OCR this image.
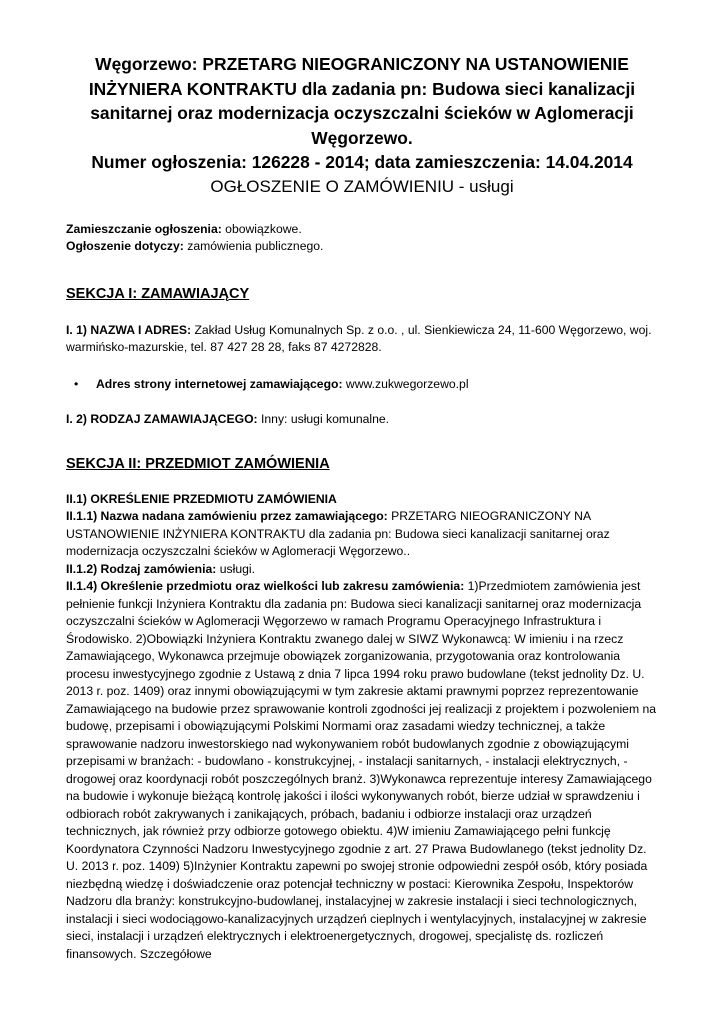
Węgorzewo: PRZETARG NIEOGRANICZONY NA USTANOWIENIE INŻYNIERA KONTRAKTU dla zadania pn: Budowa sieci kanalizacji sanitarnej oraz modernizacja oczyszczalni ścieków w Aglomeracji Węgorzewo.

Numer ogłoszenia: 126228 - 2014; data zamieszczenia: 14.04.2014

OGŁOSZENIE O ZAMÓWIENIU - usługi

Zamieszczanie ogłoszenia: obowiązkowe.

Ogłoszenie dotyczy: zamówienia publicznego.

SEKCJA I: ZAMAWIAJĄCY

I. 1) NAZWA I ADRES: Zakład Usług Komunalnych Sp. z o.o. , ul. Sienkiewicza 24, 11-600 Węgorzewo, woj. warmińsko-mazurskie, tel. 87 427 28 28, faks 87 4272828.

• Adres strony internetowej zamawiającego: www.zukwegorzewo.pl

I. 2) RODZAJ ZAMAWIAJĄCEGO: Inny: usługi komunalne.

SEKCJA II: PRZEDMIOT ZAMÓWIENIA

II.1) OKREŚLENIE PRZEDMIOTU ZAMÓWIENIA

II.1.1) Nazwa nadana zamówieniu przez zamawiającego: PRZETARG NIEOGRANICZONY NA USTANOWIENIE INŻYNIERA KONTRAKTU dla zadania pn: Budowa sieci kanalizacji sanitarnej oraz modernizacja oczyszczalni ścieków w Aglomeracji Węgorzewo..

II.1.2) Rodzaj zamówienia: usługi.

II.1.4) Określenie przedmiotu oraz wielkości lub zakresu zamówienia: 1)Przedmiotem zamówienia jest pełnienie funkcji Inżyniera Kontraktu dla zadania pn: Budowa sieci kanalizacji sanitarnej oraz modernizacja oczyszczalni ścieków w Aglomeracji Węgorzewo w ramach Programu Operacyjnego Infrastruktura i Środowisko. 2)Obowiązki Inżyniera Kontraktu zwanego dalej w SIWZ Wykonawcą: W imieniu i na rzecz Zamawiającego, Wykonawca przejmuje obowiązek zorganizowania, przygotowania oraz kontrolowania procesu inwestycyjnego zgodnie z Ustawą z dnia 7 lipca 1994 roku prawo budowlane (tekst jednolity Dz. U. 2013 r. poz. 1409) oraz innymi obowiązującymi w tym zakresie aktami prawnymi poprzez reprezentowanie Zamawiającego na budowie przez sprawowanie kontroli zgodności jej realizacji z projektem i pozwoleniem na budowę, przepisami i obowiązującymi Polskimi Normami oraz zasadami wiedzy technicznej, a także sprawowanie nadzoru inwestorskiego nad wykonywaniem robót budowlanych zgodnie z obowiązującymi przepisami w branżach: - budowlano - konstrukcyjnej, - instalacji sanitarnych, - instalacji elektrycznych, - drogowej oraz koordynacji robót poszczególnych branż. 3)Wykonawca reprezentuje interesy Zamawiającego na budowie i wykonuje bieżącą kontrolę jakości i ilości wykonywanych robót, bierze udział w sprawdzeniu i odbiorach robót zakrywanych i zanikających, próbach, badaniu i odbiorze instalacji oraz urządzeń technicznych, jak również przy odbiorze gotowego obiektu. 4)W imieniu Zamawiającego pełni funkcję Koordynatora Czynności Nadzoru Inwestycyjnego zgodnie z art. 27 Prawa Budowlanego (tekst jednolity Dz. U. 2013 r. poz. 1409) 5)Inżynier Kontraktu zapewni po swojej stronie odpowiedni zespół osób, który posiada niezbędną wiedzę i doświadczenie oraz potencjał techniczny w postaci: Kierownika Zespołu, Inspektorów Nadzoru dla branży: konstrukcyjno-budowlanej, instalacyjnej w zakresie instalacji i sieci technologicznych, instalacji i sieci wodociągowo-kanalizacyjnych urządzeń cieplnych i wentylacyjnych, instalacyjnej w zakresie sieci, instalacji i urządzeń elektrycznych i elektroenergetycznych, drogowej, specjalistę ds. rozliczeń finansowych. Szczegółowe
